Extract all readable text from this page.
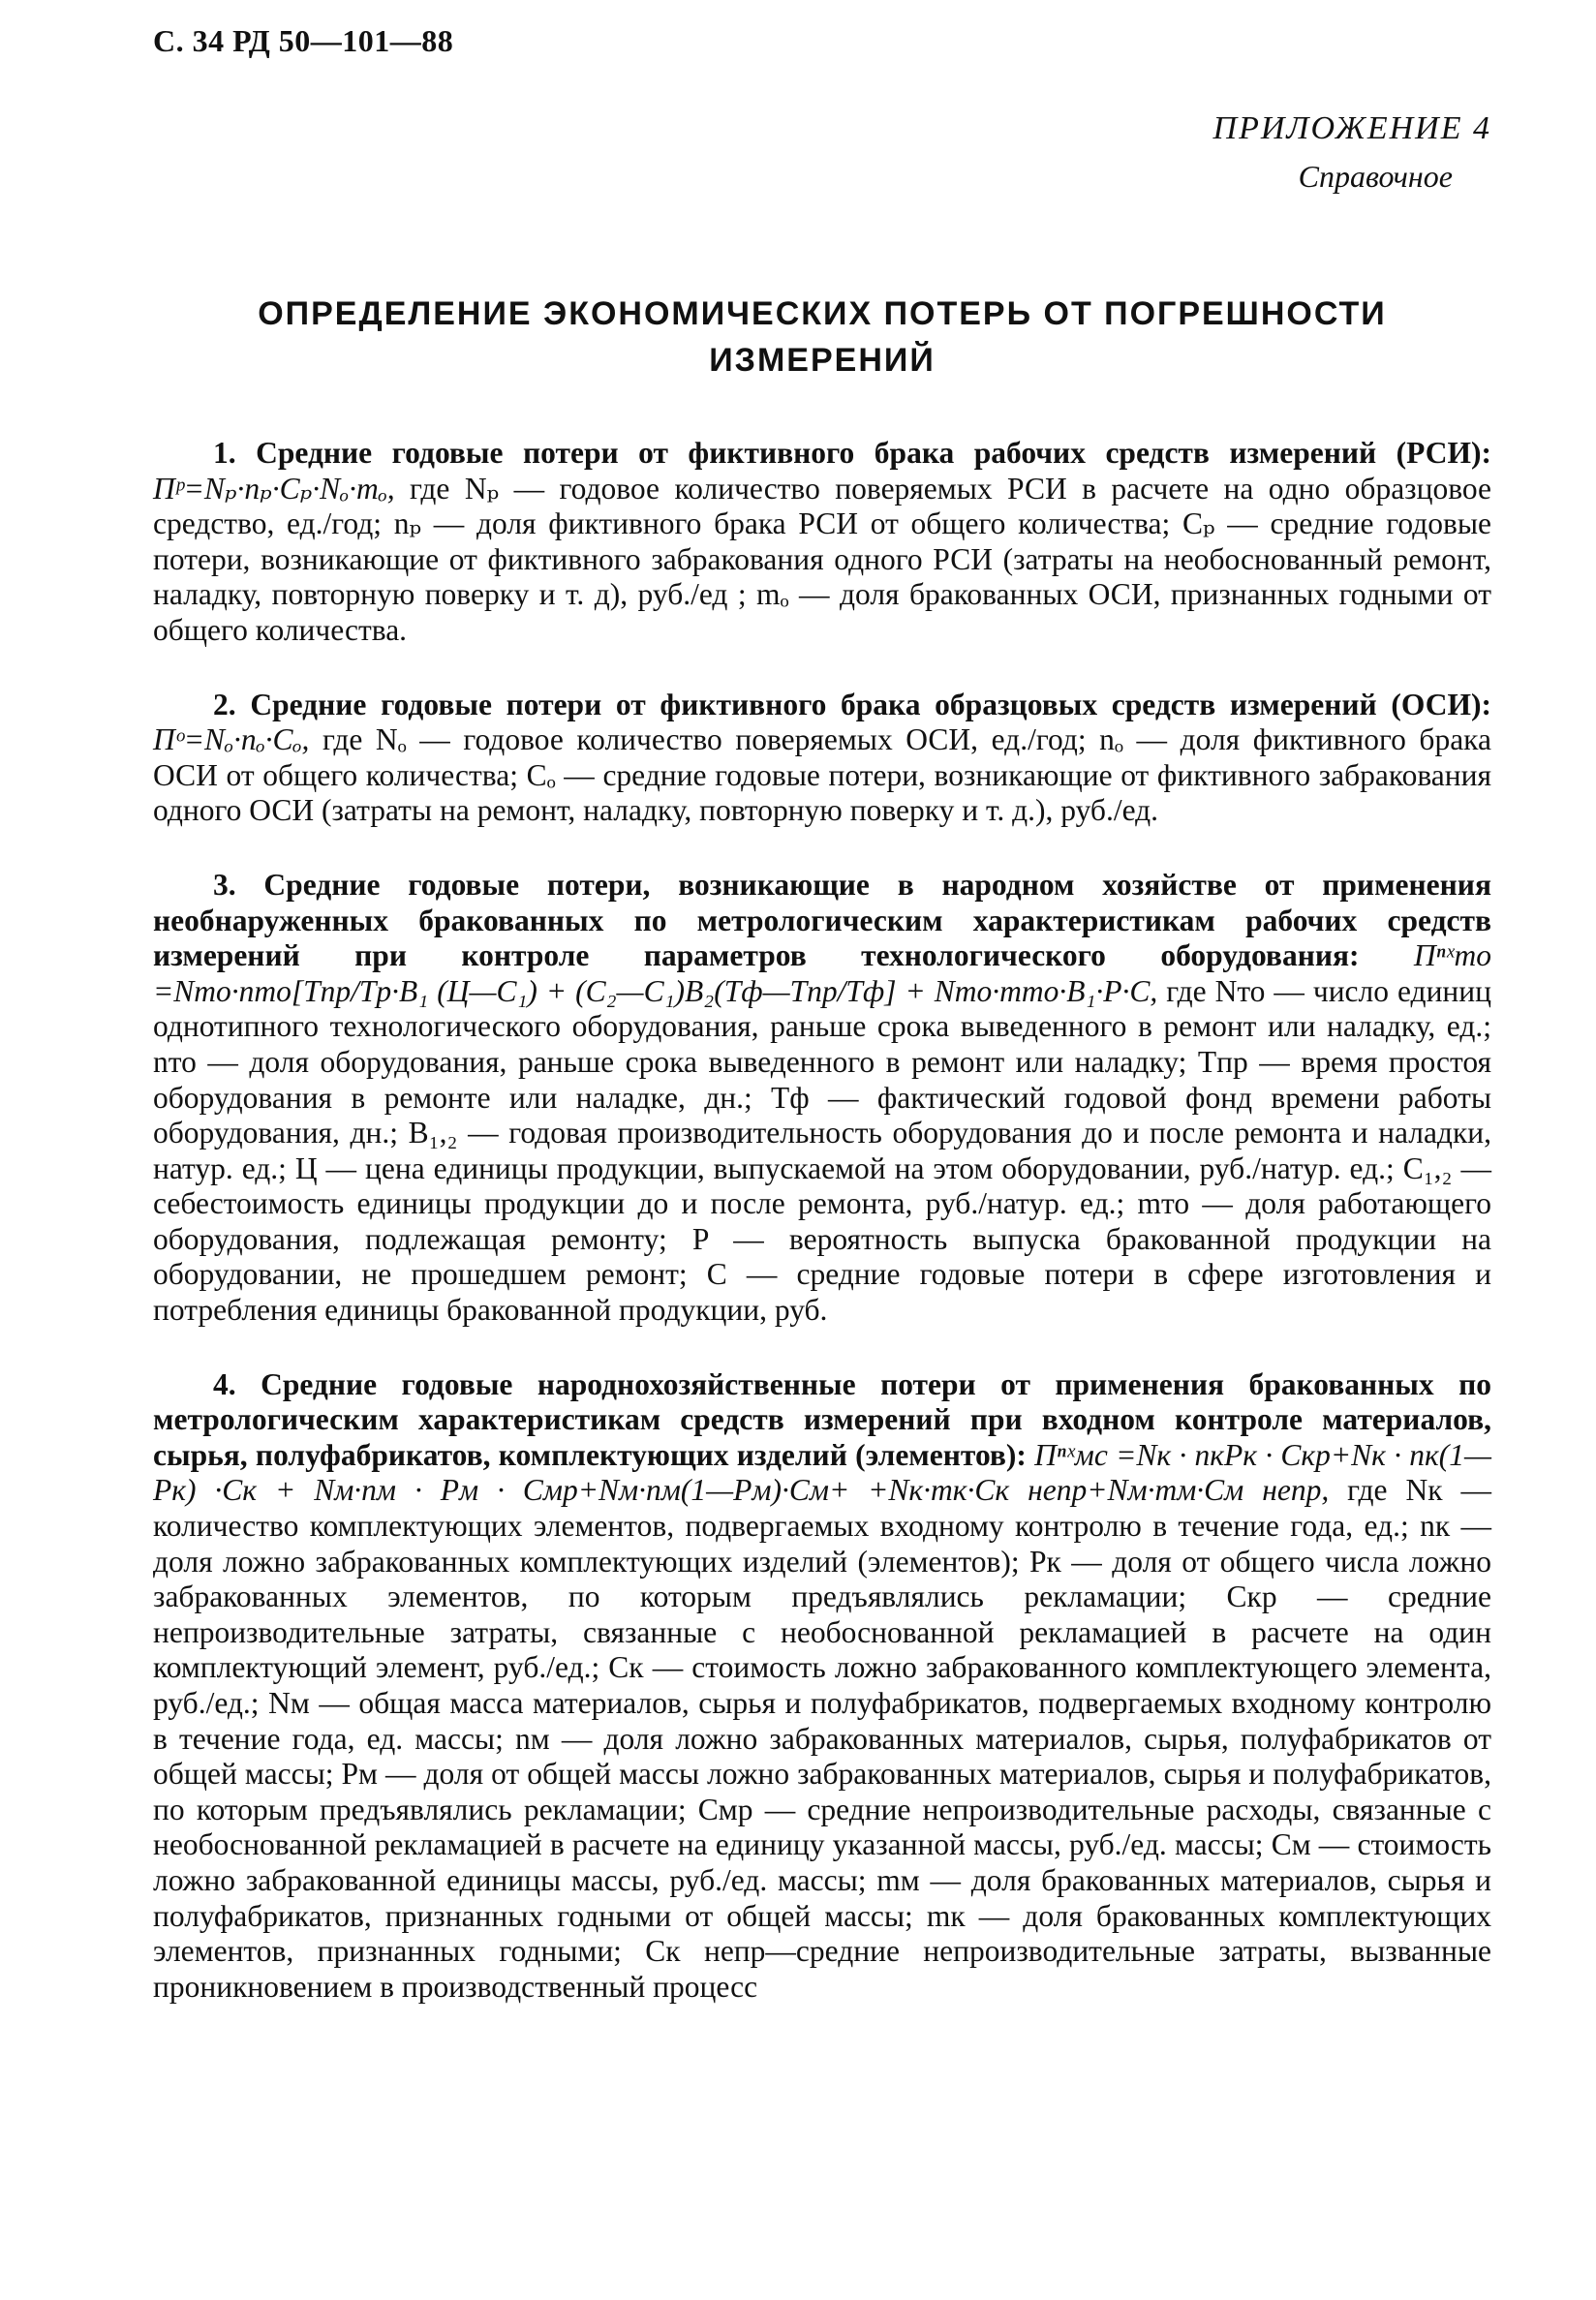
С. 34 РД 50—101—88
ПРИЛОЖЕНИЕ 4
Справочное
ОПРЕДЕЛЕНИЕ ЭКОНОМИЧЕСКИХ ПОТЕРЬ ОТ ПОГРЕШНОСТИ
ИЗМЕРЕНИЙ

1. Средние годовые потери от фиктивного брака рабочих средств измерений (РСИ): Пᵖ=Nₚ·nₚ·Cₚ·Nₒ·mₒ, где Nₚ — годовое количество поверяемых РСИ в расчете на одно образцовое средство, ед./год; nₚ — доля фиктивного брака РСИ от общего количества; Cₚ — средние годовые потери, возникающие от фиктивного забракования одного РСИ (затраты на необоснованный ремонт, наладку, повторную поверку и т. д), руб./ед ; mₒ — доля бракованных ОСИ, признанных годными от общего количества.

2. Средние годовые потери от фиктивного брака образцовых средств измерений (ОСИ): Пᵒ=Nₒ·nₒ·Cₒ, где Nₒ — годовое количество поверяемых ОСИ, ед./год; nₒ — доля фиктивного брака ОСИ от общего количества; Cₒ — средние годовые потери, возникающие от фиктивного забракования одного ОСИ (затраты на ремонт, наладку, повторную поверку и т. д.), руб./ед.

3. Средние годовые потери, возникающие в народном хозяйстве от применения необнаруженных бракованных по метрологическим характеристикам рабочих средств измерений при контроле параметров технологического оборудования: Пⁿˣто =Nто·nто[Tпр/Tр·B₁ (Ц—C₁) + (C₂—C₁)B₂(Tф—Tпр/Tф] + Nто·mто·B₁·P·C, где Nто — число единиц однотипного технологического оборудования, раньше срока выведенного в ремонт или наладку, ед.; nто — доля оборудования, раньше срока выведенного в ремонт или наладку; Tпр — время простоя оборудования в ремонте или наладке, дн.; Tф — фактический годовой фонд времени работы оборудования, дн.; B₁,₂ — годовая производительность оборудования до и после ремонта и наладки, натур. ед.; Ц — цена единицы продукции, выпускаемой на этом оборудовании, руб./натур. ед.; C₁,₂ — себестоимость единицы продукции до и после ремонта, руб./натур. ед.; mто — доля работающего оборудования, подлежащая ремонту; P — вероятность выпуска бракованной продукции на оборудовании, не прошедшем ремонт; C — средние годовые потери в сфере изготовления и потребления единицы бракованной продукции, руб.

4. Средние годовые народнохозяйственные потери от применения бракованных по метрологическим характеристикам средств измерений при входном контроле материалов, сырья, полуфабрикатов, комплектующих изделий (элементов): Пⁿˣмс =Nк · nкPк · Cкр+Nк · nк(1—Pк) ·Cк + Nм·nм · Pм · Cмр+Nм·nм(1—Pм)·Cм+ +Nк·mк·Cк непр+Nм·mм·Cм непр, где Nк — количество комплектующих элементов, подвергаемых входному контролю в течение года, ед.; nк — доля ложно забракованных комплектующих изделий (элементов); Pк — доля от общего числа ложно забракованных элементов, по которым предъявлялись рекламации; Cкр — средние непроизводительные затраты, связанные с необоснованной рекламацией в расчете на один комплектующий элемент, руб./ед.; Cк — стоимость ложно забракованного комплектующего элемента, руб./ед.; Nм — общая масса материалов, сырья и полуфабрикатов, подвергаемых входному контролю в течение года, ед. массы; nм — доля ложно забракованных материалов, сырья, полуфабрикатов от общей массы; Pм — доля от общей массы ложно забракованных материалов, сырья и полуфабрикатов, по которым предъявлялись рекламации; Cмр — средние непроизводительные расходы, связанные с необоснованной рекламацией в расчете на единицу указанной массы, руб./ед. массы; Cм — стоимость ложно забракованной единицы массы, руб./ед. массы; mм — доля бракованных материалов, сырья и полуфабрикатов, признанных годными от общей массы; mк — доля бракованных комплектующих элементов, признанных годными; Cк непр—средние непроизводительные затраты, вызванные проникновением в производственный процесс
